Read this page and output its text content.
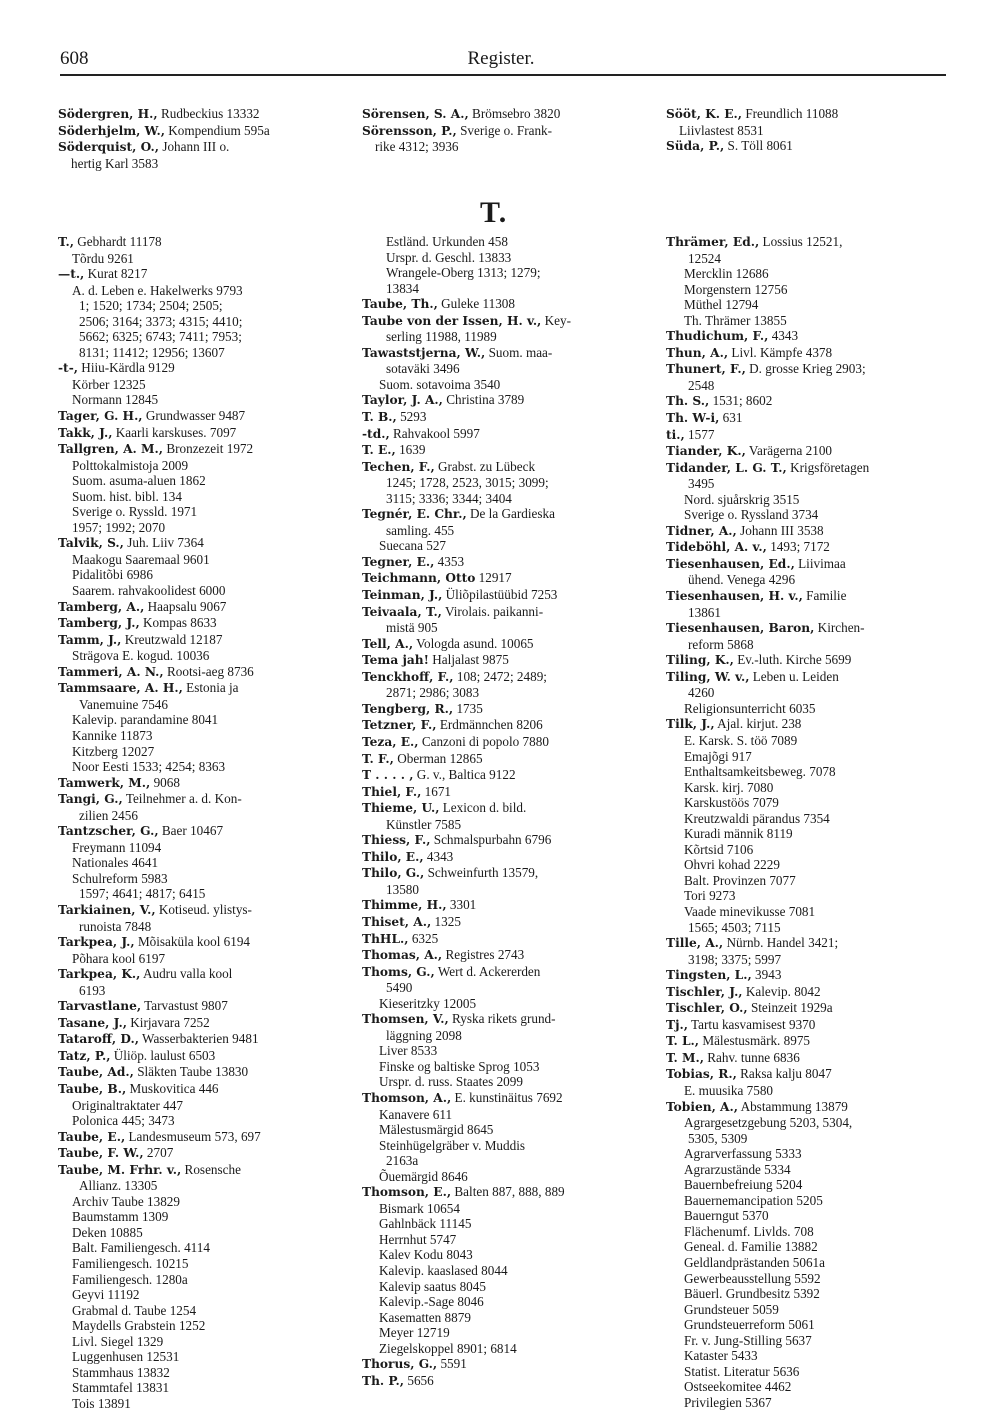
608	Register.
Södergren, H., Rudbeckius 13332
Söderhjelm, W., Kompendium 595a
Söderquist, O., Johann III o.
hertig Karl 3583
Sörensen, S. A., Brömsebro 3820
Sörensson, P., Sverige o. Frank-
rike 4312; 3936
Sööt, K. E., Freundlich 11088
Liivlastest 8531
Süda, P., S. Töll 8061
T.
T., Gebhardt 11178
Tõrdu 9261
—t., Kurat 8217
A. d. Leben e. Hakelwerks 9793
1; 1520; 1734; 2504; 2505;
2506; 3164; 3373; 4315; 4410;
5662; 6325; 6743; 7411; 7953;
8131; 11412; 12956; 13607
-t-, Hiiu-Kärdla 9129
Körber 12325
Normann 12845
Tager, G. H., Grundwasser 9487
Takk, J., Kaarli karskuses. 7097
Tallgren, A. M., Bronzezeit 1972
Polttokalmistoja 2009
Suom. asuma-aluen 1862
Suom. hist. bibl. 134
Sverige o. Ryssld. 1971
1957; 1992; 2070
Talvik, S., Juh. Liiv 7364
Maakogu Saaremaal 9601
Pidalitõbi 6986
Saarem. rahvakoolidest 6000
Tamberg, A., Haapsalu 9067
Tamberg, J., Kompas 8633
Tamm, J., Kreutzwald 12187
Strägova E. kogud. 10036
Tammeri, A. N., Rootsi-aeg 8736
Tammsaare, A. H., Estonia ja
Vanemuine 7546
Kalevip. parandamine 8041
Kannike 11873
Kitzberg 12027
Noor Eesti 1533; 4254; 8363
Tamwerk, M., 9068
Tangi, G., Teilnehmer a. d. Kon-
zilien 2456
Tantzscher, G., Baer 10467
Freymann 11094
Nationales 4641
Schulreform 5983
1597; 4641; 4817; 6415
Tarkiainen, V., Kotiseud. ylistys-
runoista 7848
Tarkpea, J., Mõisaküla kool 6194
Põhara kool 6197
Tarkpea, K., Audru valla kool
6193
Tarvastlane, Tarvastust 9807
Tasane, J., Kirjavara 7252
Tataroff, D., Wasserbakterien 9481
Tatz, P., Üliöp. laulust 6503
Taube, Ad., Släkten Taube 13830
Taube, B., Muskovitica 446
Originaltraktater 447
Polonica 445; 3473
Taube, E., Landesmuseum 573, 697
Taube, F. W., 2707
Taube, M. Frhr. v., Rosensche
Allianz. 13305
Archiv Taube 13829
Baumstamm 1309
Deken 10885
Balt. Familiengesch. 4114
Familiengesch. 10215
Familiengesch. 1280a
Geyvi 11192
Grabmal d. Taube 1254
Maydells Grabstein 1252
Livl. Siegel 1329
Luggenhusen 12531
Stammhaus 13832
Stammtafel 13831
Tois 13891
Estländ. Urkunden 458
Urspr. d. Geschl. 13833
Wrangele-Oberg 1313; 1279;
13834
Taube, Th., Guleke 11308
Taube von der Issen, H. v., Key-
serling 11988, 11989
Tawaststjerna, W., Suom. maa-
sotaväki 3496
Suom. sotavoima 3540
Taylor, J. A., Christina 3789
T. B., 5293
-td., Rahvakool 5997
T. E., 1639
Techen, F., Grabst. zu Lübeck
1245; 1728, 2523, 3015; 3099;
3115; 3336; 3344; 3404
Tegnér, E. Chr., De la Gardieska
samling. 455
Suecana 527
Tegner, E., 4353
Teichmann, Otto 12917
Teinman, J., Üliõpilastüübid 7253
Teivaala, T., Virolais. paikanni-
mistä 905
Tell, A., Vologda asund. 10065
Tema jah! Haljalast 9875
Tenckhoff, F., 108; 2472; 2489;
2871; 2986; 3083
Tengberg, R., 1735
Tetzner, F., Erdmännchen 8206
Teza, E., Canzoni di popolo 7880
T. F., Oberman 12865
T . . . . , G. v., Baltica 9122
Thiel, F., 1671
Thieme, U., Lexicon d. bild.
Künstler 7585
Thiess, F., Schmalspurbahn 6796
Thilo, E., 4343
Thilo, G., Schweinfurth 13579,
13580
Thimme, H., 3301
Thiset, A., 1325
ThHL., 6325
Thomas, A., Registres 2743
Thoms, G., Wert d. Ackererden
5490
Kieseritzky 12005
Thomsen, V., Ryska rikets grund-
läggning 2098
Liver 8533
Finske og baltiske Sprog 1053
Urspr. d. russ. Staates 2099
Thomson, A., E. kunstinäitus 7692
Kanavere 611
Mälestusmärgid 8645
Steinhügelgräber v. Muddis
2163a
Õuemärgid 8646
Thomson, E., Balten 887, 888, 889
Bismark 10654
Gahlnbäck 11145
Herrnhut 5747
Kalev Kodu 8043
Kalevip. kaaslased 8044
Kalevip saatus 8045
Kalevip.-Sage 8046
Kasematten 8879
Meyer 12719
Ziegelskoppel 8901; 6814
Thorus, G., 5591
Th. P., 5656
Thrämer, Ed., Lossius 12521,
12524
Mercklin 12686
Morgenstern 12756
Müthel 12794
Th. Thrämer 13855
Thudichum, F., 4343
Thun, A., Livl. Kämpfe 4378
Thunert, F., D. grosse Krieg 2903;
2548
Th. S., 1531; 8602
Th. W-i, 631
ti., 1577
Tiander, K., Varägerna 2100
Tidander, L. G. T., Krigsföretagen
3495
Nord. sjuårskrig 3515
Sverige o. Ryssland 3734
Tidner, A., Johann III 3538
Tideböhl, A. v., 1493; 7172
Tiesenhausen, Ed., Liivimaa
ühend. Venega 4296
Tiesenhausen, H. v., Familie
13861
Tiesenhausen, Baron, Kirchen-
reform 5868
Tiling, K., Ev.-luth. Kirche 5699
Tiling, W. v., Leben u. Leiden
4260
Religionsunterricht 6035
Tilk, J., Ajal. kirjut. 238
E. Karsk. S. töö 7089
Emajõgi 917
Enthaltsamkeitsbeweg. 7078
Karsk. kirj. 7080
Karskustöös 7079
Kreutzwaldi pärandus 7354
Kuradi männik 8119
Kõrtsid 7106
Ohvri kohad 2229
Balt. Provinzen 7077
Tori 9273
Vaade minevikusse 7081
1565; 4503; 7115
Tille, A., Nürnb. Handel 3421;
3198; 3375; 5997
Tingsten, L., 3943
Tischler, J., Kalevip. 8042
Tischler, O., Steinzeit 1929a
Tj., Tartu kasvamisest 9370
T. L., Mälestusmärk. 8975
T. M., Rahv. tunne 6836
Tobias, R., Raksa kalju 8047
E. muusika 7580
Tobien, A., Abstammung 13879
Agrargesetzgebung 5203, 5304,
5305, 5309
Agrarverfassung 5333
Agrarzustände 5334
Bauernbefreiung 5204
Bauernemancipation 5205
Bauerngut 5370
Flächenumf. Livlds. 708
Geneal. d. Familie 13882
Geldlandprästanden 5061a
Gewerbeausstellung 5592
Bäuerl. Grundbesitz 5392
Grundsteuer 5059
Grundsteuerreform 5061
Fr. v. Jung-Stilling 5637
Kataster 5433
Statist. Literatur 5636
Ostseekomitee 4462
Privilegien 5367
